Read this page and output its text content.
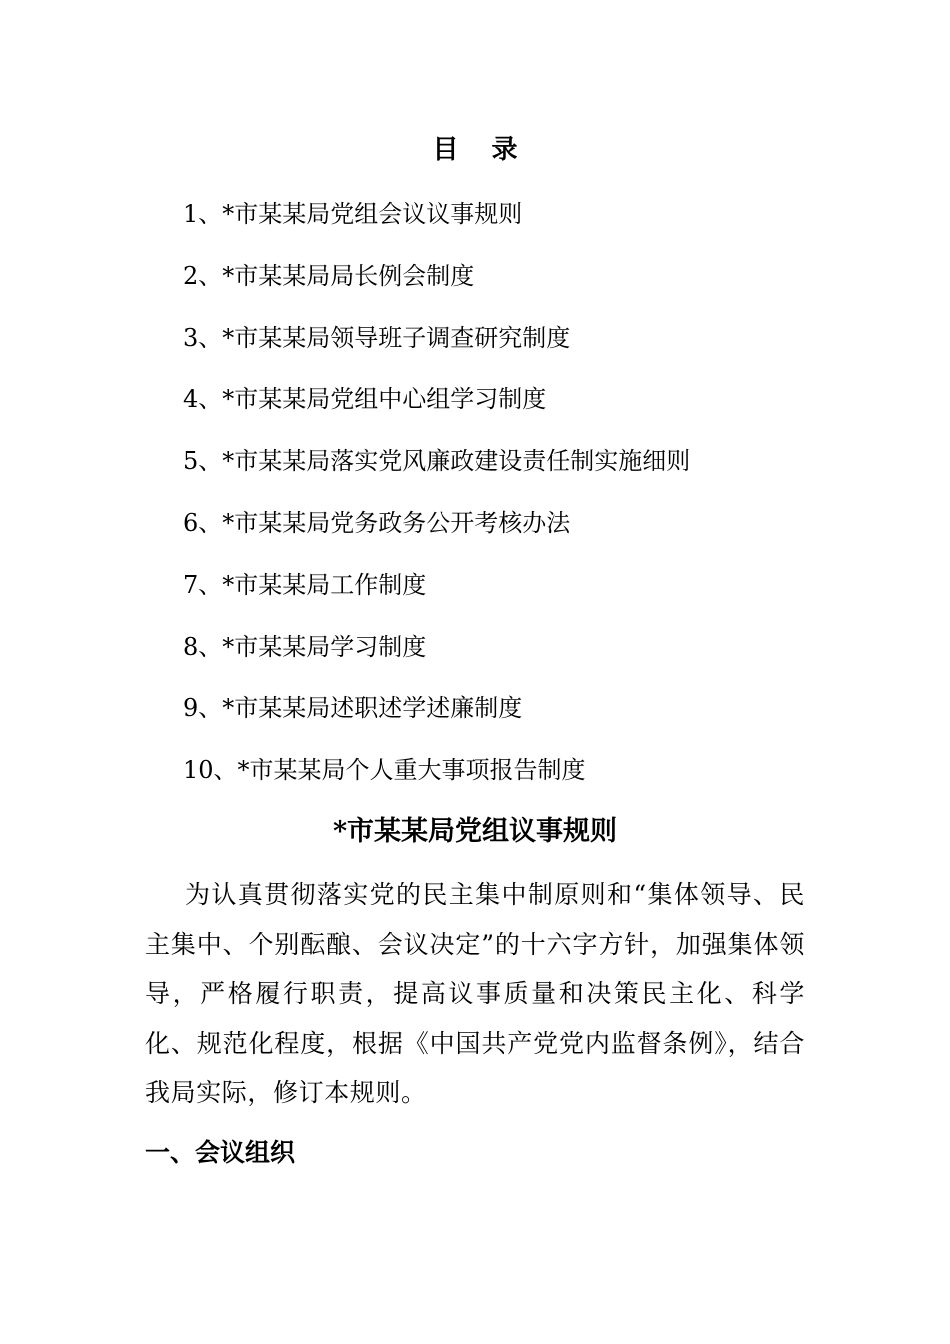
目 录
1、*市某某局党组会议议事规则
2、*市某某局局长例会制度
3、*市某某局领导班子调查研究制度
4、*市某某局党组中心组学习制度
5、*市某某局落实党风廉政建设责任制实施细则
6、*市某某局党务政务公开考核办法
7、*市某某局工作制度
8、*市某某局学习制度
9、*市某某局述职述学述廉制度
10、*市某某局个人重大事项报告制度
*市某某局党组议事规则

为认真贯彻落实党的民主集中制原则和“集体领导、民主集中、个别酝酿、会议决定”的十六字方针，加强集体领导，严格履行职责，提高议事质量和决策民主化、科学化、规范化程度，根据《中国共产党党内监督条例》，结合我局实际，修订本规则。

一、会议组织
